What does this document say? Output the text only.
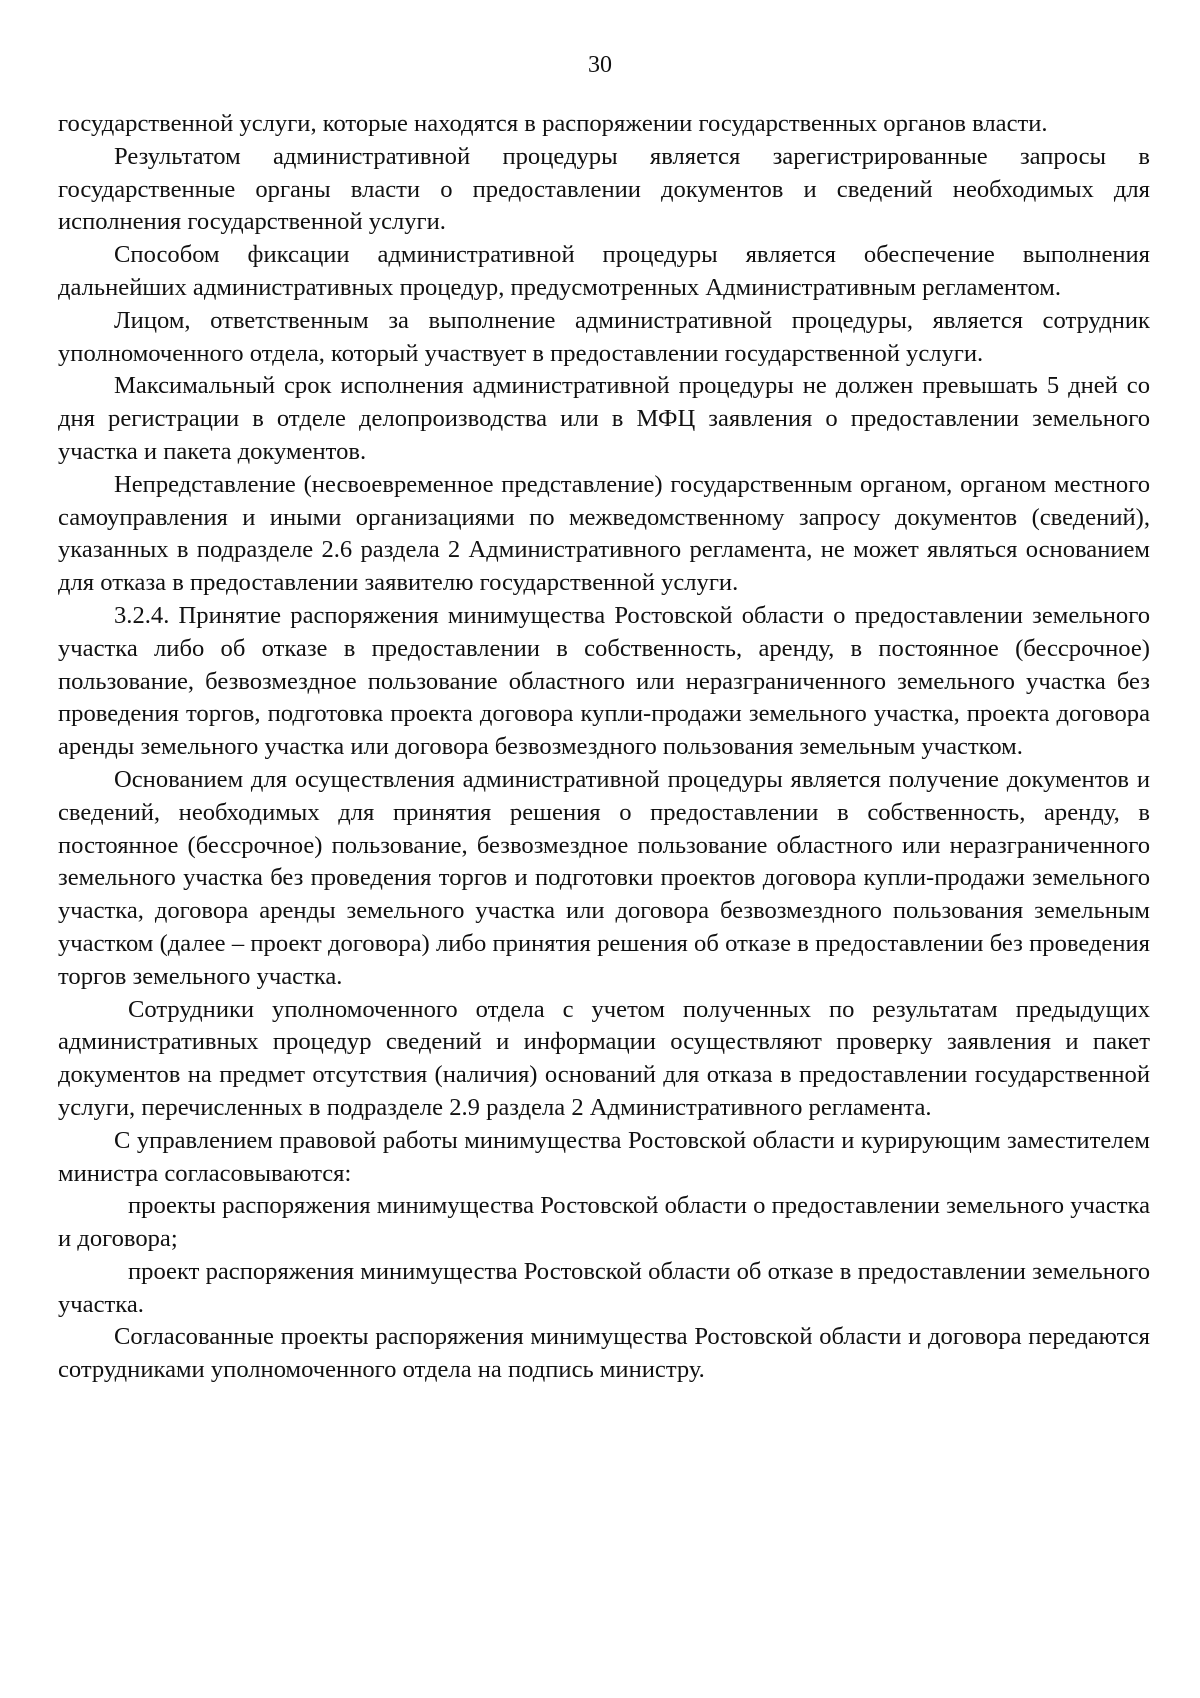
30

государственной услуги, которые находятся в распоряжении государственных органов власти.

Результатом административной процедуры является зарегистрированные запросы в государственные органы власти о предоставлении документов и сведений необходимых для исполнения государственной услуги.

Способом фиксации административной процедуры является обеспечение выполнения дальнейших административных процедур, предусмотренных Административным регламентом.

Лицом, ответственным за выполнение административной процедуры, является сотрудник уполномоченного отдела, который участвует в предоставлении государственной услуги.

Максимальный срок исполнения административной процедуры не должен превышать 5 дней со дня регистрации в отделе делопроизводства или в МФЦ заявления о предоставлении земельного участка и пакета документов.

Непредставление (несвоевременное представление) государственным органом, органом местного самоуправления и иными организациями по межведомственному запросу документов (сведений), указанных в подразделе 2.6 раздела 2 Административного регламента, не может являться основанием для отказа в предоставлении заявителю государственной услуги.

3.2.4. Принятие распоряжения минимущества Ростовской области о предоставлении земельного участка либо об отказе в предоставлении в собственность, аренду, в постоянное (бессрочное) пользование, безвозмездное пользование областного или неразграниченного земельного участка без проведения торгов, подготовка проекта договора купли-продажи земельного участка, проекта договора аренды земельного участка или договора безвозмездного пользования земельным участком.

Основанием для осуществления административной процедуры является получение документов и сведений, необходимых для принятия решения о предоставлении в собственность, аренду, в постоянное (бессрочное) пользование, безвозмездное пользование областного или неразграниченного земельного участка без проведения торгов и подготовки проектов договора купли-продажи земельного участка, договора аренды земельного участка или договора безвозмездного пользования земельным участком (далее – проект договора) либо принятия решения об отказе в предоставлении без проведения торгов земельного участка.

Сотрудники уполномоченного отдела с учетом полученных по результатам предыдущих административных процедур сведений и информации осуществляют проверку заявления и пакет документов на предмет отсутствия (наличия) оснований для отказа в предоставлении государственной услуги, перечисленных в подразделе 2.9 раздела 2 Административного регламента.

С управлением правовой работы минимущества Ростовской области и курирующим заместителем министра согласовываются:

проекты распоряжения минимущества Ростовской области о предоставлении земельного участка и договора;

проект распоряжения минимущества Ростовской области об отказе в предоставлении земельного участка.

Согласованные проекты распоряжения минимущества Ростовской области и договора передаются сотрудниками уполномоченного отдела на подпись министру.
